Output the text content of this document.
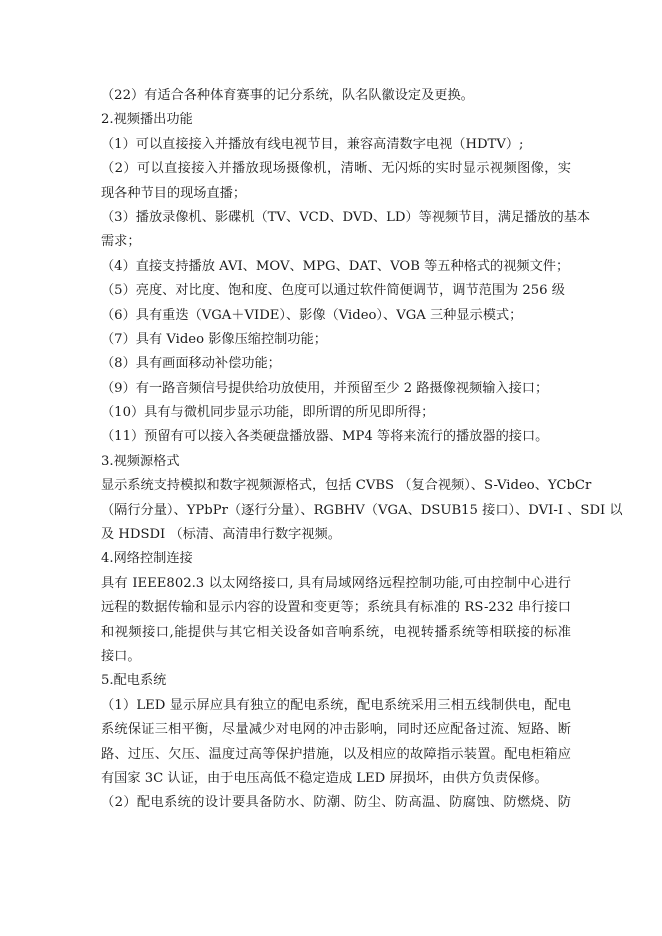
（22）有适合各种体育赛事的记分系统，队名队徽设定及更换。
2.视频播出功能
（1）可以直接接入并播放有线电视节目，兼容高清数字电视（HDTV）;
（2）可以直接接入并播放现场摄像机，清晰、无闪烁的实时显示视频图像，实
现各种节目的现场直播；
（3）播放录像机、影碟机（TV、VCD、DVD、LD）等视频节目，满足播放的基本
需求；
（4）直接支持播放 AVI、MOV、MPG、DAT、VOB 等五种格式的视频文件；
（5）亮度、对比度、饱和度、色度可以通过软件简便调节，调节范围为 256 级
（6）具有重迭（VGA＋VIDE）、影像（Video）、VGA 三种显示模式；
（7）具有 Video 影像压缩控制功能；
（8）具有画面移动补偿功能；
（9）有一路音频信号提供给功放使用，并预留至少 2 路摄像视频输入接口；
（10）具有与微机同步显示功能，即所谓的所见即所得；
（11）预留有可以接入各类硬盘播放器、MP4 等将来流行的播放器的接口。
3.视频源格式
显示系统支持模拟和数字视频源格式，包括 CVBS （复合视频）、S-Video、YCbCr
（隔行分量）、YPbPr（逐行分量）、RGBHV（VGA、DSUB15 接口）、DVI-I 、SDI 以
及 HDSDI （标清、高清串行数字视频。
4.网络控制连接
具有 IEEE802.3 以太网络接口, 具有局域网络远程控制功能,可由控制中心进行
远程的数据传输和显示内容的设置和变更等；系统具有标准的 RS-232 串行接口
和视频接口,能提供与其它相关设备如音响系统，电视转播系统等相联接的标准
接口。
5.配电系统
（1）LED 显示屏应具有独立的配电系统，配电系统采用三相五线制供电，配电
系统保证三相平衡，尽量减少对电网的冲击影响，同时还应配备过流、短路、断
路、过压、欠压、温度过高等保护措施，以及相应的故障指示装置。配电柜箱应
有国家 3C 认证，由于电压高低不稳定造成 LED 屏损坏，由供方负责保修。
（2）配电系统的设计要具备防水、防潮、防尘、防高温、防腐蚀、防燃烧、防
